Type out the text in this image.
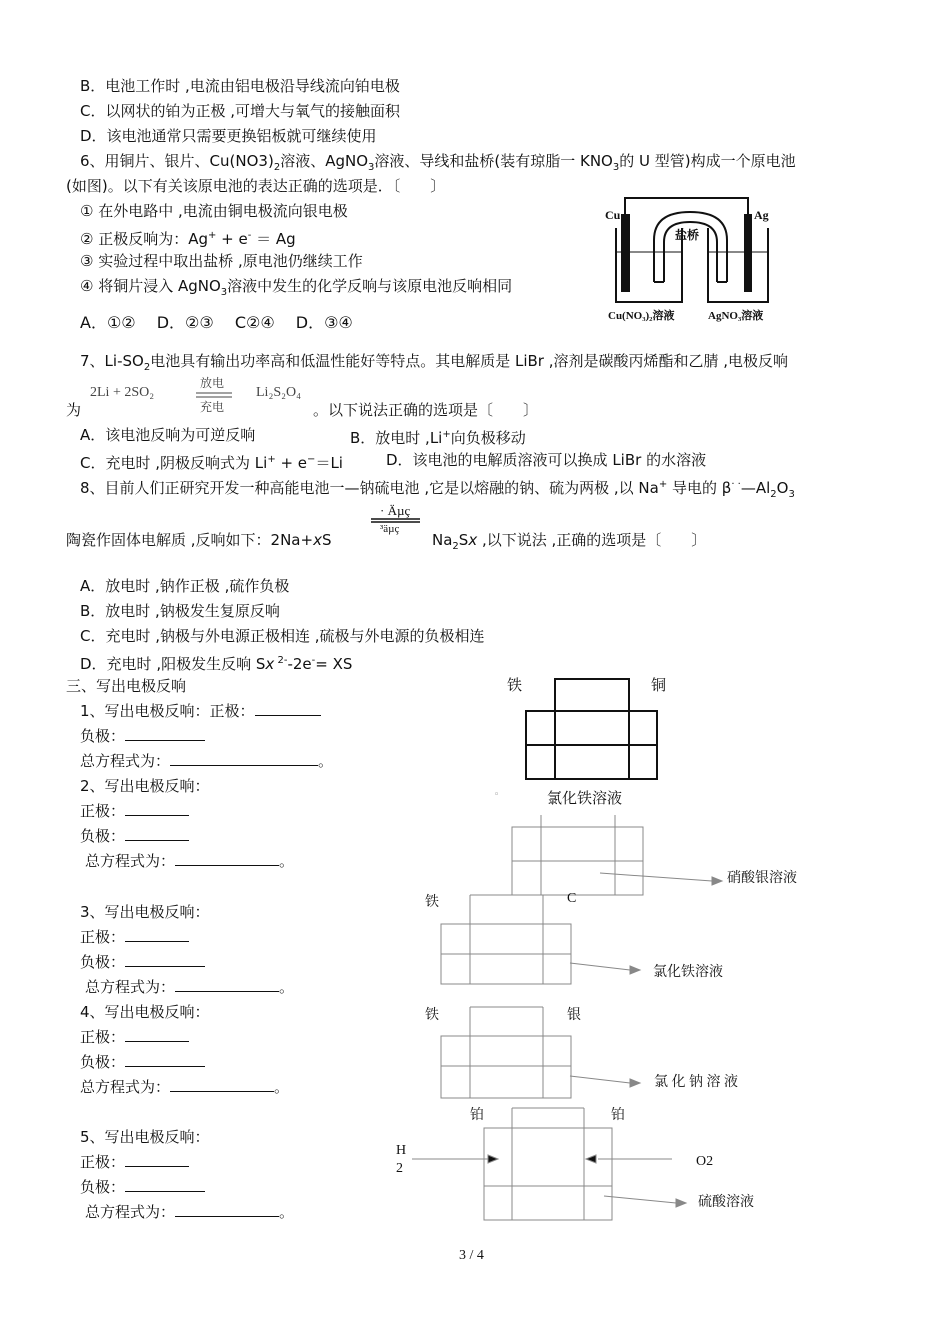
B．电池工作时 ,电流由铝电极沿导线流向铂电极
C．以网状的铂为正极 ,可增大与氧气的接触面积
D．该电池通常只需要更换铝板就可继续使用
6、用铜片、银片、$Cu(NO3)_2$溶液、AgNO$_3$溶液、导线和盐桥(装有琼脂一 $KNO_3$的 U 型管)构成一个原电池
(如图)。以下有关该原电池的表达正确的选项是．〔　　〕
① 在外电路中 ,电流由铜电极流向银电极
② 正极反响为：Ag+ + e- ＝ Ag
③ 实验过程中取出盐桥 ,原电池仍继续工作
④ 将铜片浸入 AgNO$_3$溶液中发生的化学反响与该原电池反响相同
A．①②　 D．②③　 C②④　 D．③④
Cu	Ag
盐桥
Cu(NO₃)₂溶液	AgNO₃溶液
7、$Li-SO_2$电池具有输出功率高和低温性能好等特点。其电解质是 LiBr ,溶剂是碳酸丙烯酯和乙腈 ,电极反响
为
2Li + 2SO₂
放电
充电
Li₂S₂O₄
。以下说法正确的选项是〔　　〕
A．该电池反响为可逆反响	B．放电时 ,Li+向负极移动
C．充电时 ,阴极反响式为 Li+ + e−＝Li	D．该电池的电解质溶液可以换成 LiBr 的水溶液
8、目前人们正研究开发一种高能电池一—钠硫电池 ,它是以熔融的钠、硫为两极 ,以 Na+ 导电的 $\beta^{\cdot \cdot}—Al_2O_3$
陶瓷作固体电解质 ,反响如下：2Na+xS
· Äµç
³äµç
$Na_2Sx$ ,以下说法 ,正确的选项是〔　　〕
A．放电时 ,钠作正极 ,硫作负极
B．放电时 ,钠极发生复原反响
C．充电时 ,钠极与外电源正极相连 ,硫极与外电源的负极相连
D．充电时 ,阳极发生反响 Sx $^{2-}$-2e-= XS
三、写出电极反响
1、写出电极反响：正极：
负极：
总方程式为：	。
2、写出电极反响：
正极：
负极：
总方程式为：	。
3、写出电极反响：
正极：
负极：
总方程式为：	。
4、写出电极反响：
正极：
负极：
总方程式为：	。
5、写出电极反响：
正极：
负极：
总方程式为：	。
铁	铜
◦	氯化铁溶液
硝酸银溶液
铁	C
氯化铁溶液
铁	银
氯 化 钠 溶 液
铂	铂
H 2	O2
硫酸溶液
3 / 4
